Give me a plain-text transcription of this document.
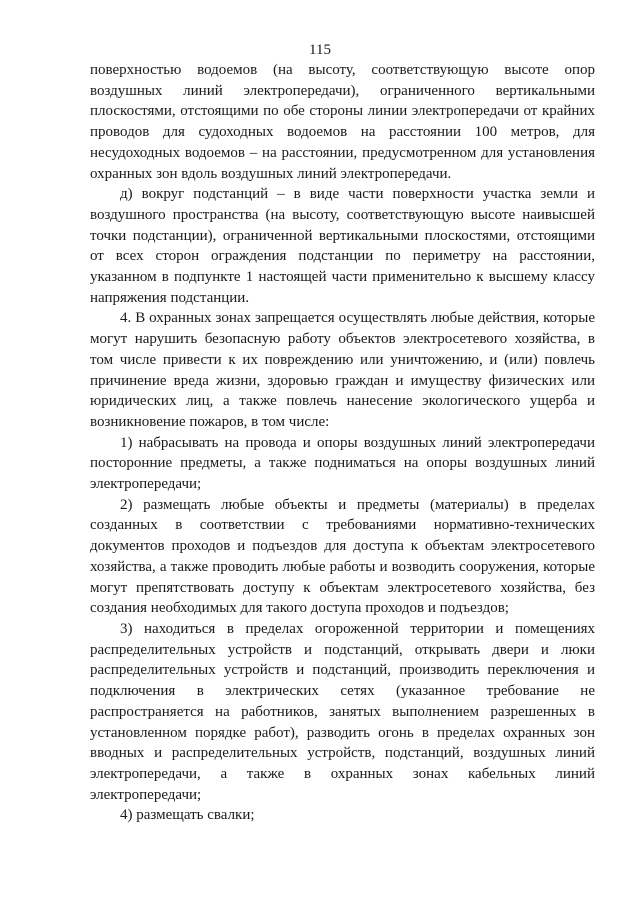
115

поверхностью водоемов (на высоту, соответствующую высоте опор воздушных линий электропередачи), ограниченного вертикальными плоскостями, отстоящими по обе стороны линии электропередачи от крайних проводов для судоходных водоемов на расстоянии 100 метров, для несудоходных водоемов – на расстоянии, предусмотренном для установления охранных зон вдоль воздушных линий электропередачи.

д) вокруг подстанций – в виде части поверхности участка земли и воздушного пространства (на высоту, соответствующую высоте наивысшей точки подстанции), ограниченной вертикальными плоскостями, отстоящими от всех сторон ограждения подстанции по периметру на расстоянии, указанном в подпункте 1 настоящей части применительно к высшему классу напряжения подстанции.

4. В охранных зонах запрещается осуществлять любые действия, которые могут нарушить безопасную работу объектов электросетевого хозяйства, в том числе привести к их повреждению или уничтожению, и (или) повлечь причинение вреда жизни, здоровью граждан и имуществу физических или юридических лиц, а также повлечь нанесение экологического ущерба и возникновение пожаров, в том числе:

1) набрасывать на провода и опоры воздушных линий электропередачи посторонние предметы, а также подниматься на опоры воздушных линий электропередачи;

2) размещать любые объекты и предметы (материалы) в пределах созданных в соответствии с требованиями нормативно-технических документов проходов и подъездов для доступа к объектам электросетевого хозяйства, а также проводить любые работы и возводить сооружения, которые могут препятствовать доступу к объектам электросетевого хозяйства, без создания необходимых для такого доступа проходов и подъездов;

3) находиться в пределах огороженной территории и помещениях распределительных устройств и подстанций, открывать двери и люки распределительных устройств и подстанций, производить переключения и подключения в электрических сетях (указанное требование не распространяется на работников, занятых выполнением разрешенных в установленном порядке работ), разводить огонь в пределах охранных зон вводных и распределительных устройств, подстанций, воздушных линий электропередачи, а также в охранных зонах кабельных линий электропередачи;

4) размещать свалки;
